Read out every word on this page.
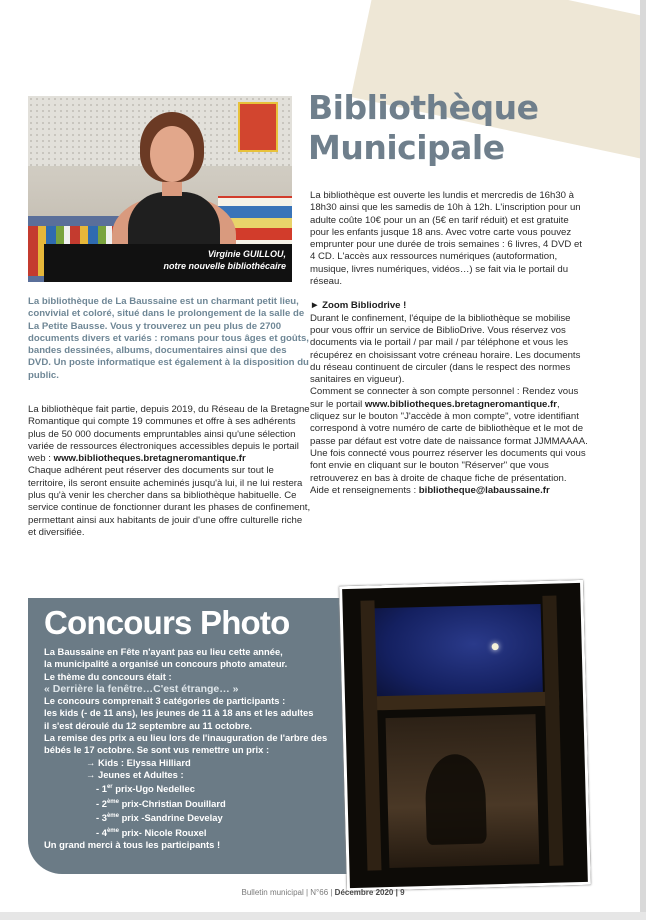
Virginie GUILLOU,
notre nouvelle bibliothécaire
Bibliothèque
Municipale

La bibliothèque de La Baussaine est un charmant petit lieu, convivial et coloré, situé dans le prolongement de la salle de La Petite Bausse. Vous y trouverez un peu plus de 2700 documents divers et variés : romans pour tous âges et goûts, bandes dessinées, albums, documentaires ainsi que des DVD. Un poste informatique est également à la disposition du public.

La bibliothèque fait partie, depuis 2019, du Réseau de la Bretagne Romantique qui compte 19 communes et offre à ses adhérents plus de 50 000 documents empruntables ainsi qu'une sélection variée de ressources électroniques accessibles depuis le portail web : www.bibliotheques.bretagneromantique.fr
Chaque adhérent peut réserver des documents sur tout le territoire, ils seront ensuite acheminés jusqu'à lui, il ne lui restera plus qu'à venir les chercher dans sa bibliothèque habituelle. Ce service continue de fonctionner durant les phases de confinement, permettant ainsi aux habitants de jouir d'une offre culturelle riche et diversifiée.

La bibliothèque est ouverte les lundis et mercredis de 16h30 à 18h30 ainsi que les samedis de 10h à 12h. L'inscription pour un adulte coûte 10€ pour un an (5€ en tarif réduit) et est gratuite pour les enfants jusque 18 ans. Avec votre carte vous pouvez emprunter pour une durée de trois semaines : 6 livres, 4 DVD et 4 CD. L'accès aux ressources numériques (autoformation, musique, livres numériques, vidéos…) se fait via le portail du réseau.

► Zoom Bibliodrive !
Durant le confinement, l'équipe de la bibliothèque se mobilise pour vous offrir un service de BiblioDrive. Vous réservez vos documents via le portail / par mail / par téléphone et vous les récupérez en choisissant votre créneau horaire. Les documents du réseau continuent de circuler (dans le respect des normes sanitaires en vigueur).
Comment se connecter à son compte personnel : Rendez vous sur le portail www.bibliotheques.bretagneromantique.fr, cliquez sur le bouton "J'accède à mon compte", votre identifiant correspond à votre numéro de carte de bibliothèque et le mot de passe par défaut est votre date de naissance format JJMMAAAA. Une fois connecté vous pourrez réserver les documents qui vous font envie en cliquant sur le bouton "Réserver" que vous retrouverez en bas à droite de chaque fiche de présentation.
Aide et renseignements : bibliotheque@labaussaine.fr
Concours Photo
La Baussaine en Fête n'ayant pas eu lieu cette année,
la municipalité a organisé un concours photo amateur.
Le thème du concours était :
« Derrière la fenêtre…C'est étrange… »
Le concours comprenait 3 catégories de participants :
les kids (- de 11 ans), les jeunes de 11 à 18 ans et les adultes
il s'est déroulé du 12 septembre au 11 octobre.
La remise des prix a eu lieu lors de l'inauguration de l'arbre des
bébés le 17 octobre. Se sont vus remettre un prix :
→ Kids : Elyssa Hilliard
→ Jeunes et Adultes :
- 1er prix-Ugo Nedellec
- 2ème prix-Christian Douillard
- 3ème prix -Sandrine Develay
- 4ème prix- Nicole Rouxel
Un grand merci à tous les participants !
Bulletin municipal | N°66 | Décembre 2020 | 9
